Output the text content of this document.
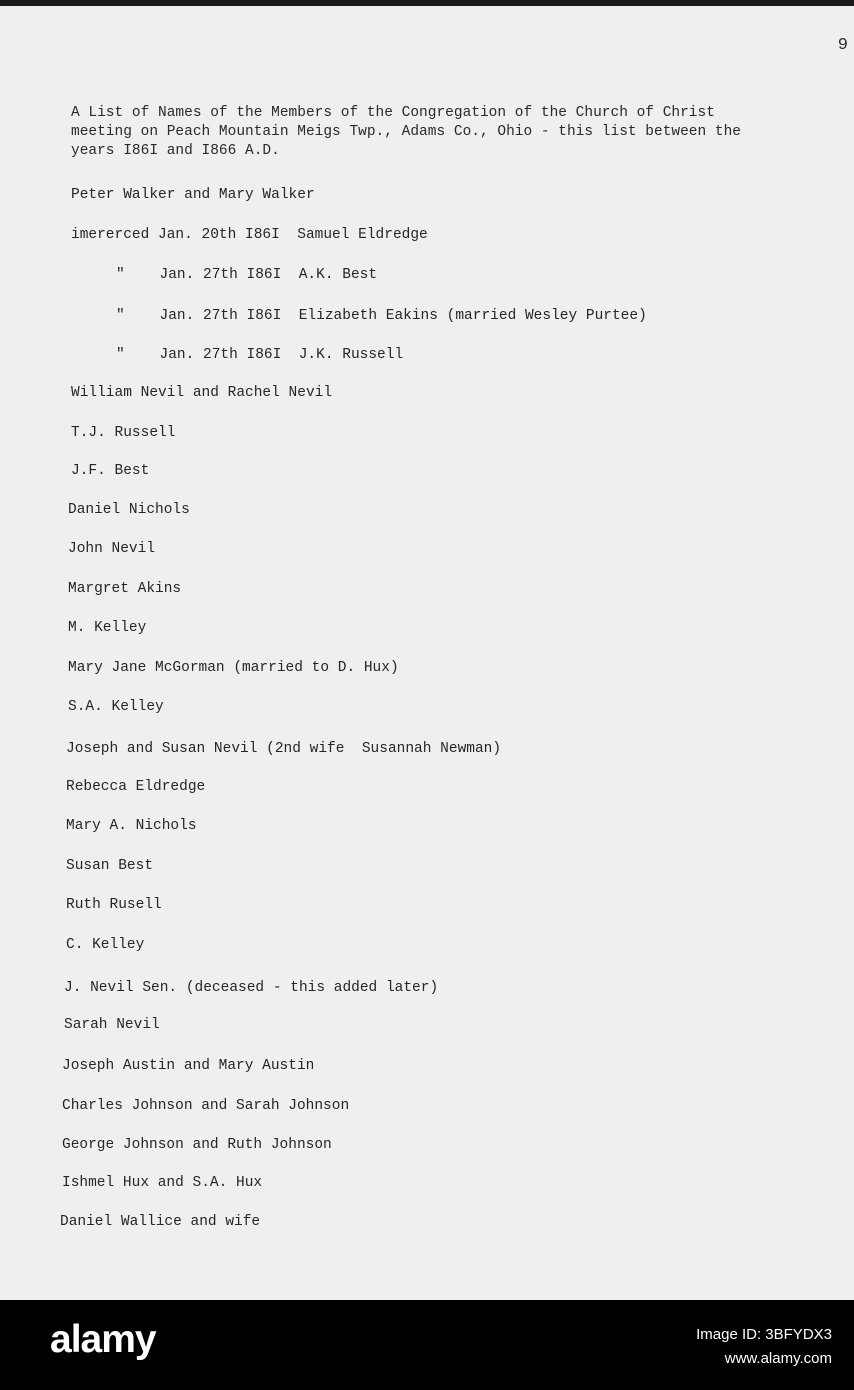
9

A List of Names of the Members of the Congregation of the Church of Christ meeting on Peach Mountain Meigs Twp., Adams Co., Ohio - this list between the years I86I and I866 A.D.

Peter Walker and Mary Walker
imererced Jan. 20th I86I  Samuel Eldredge
"    Jan. 27th I86I  A.K. Best
"    Jan. 27th I86I  Elizabeth Eakins (married Wesley Purtee)
"    Jan. 27th I86I  J.K. Russell
William Nevil and Rachel Nevil
T.J. Russell
J.F. Best
Daniel Nichols
John Nevil
Margret Akins
M. Kelley
Mary Jane McGorman (married to D. Hux)
S.A. Kelley
Joseph and Susan Nevil (2nd wife  Susannah Newman)
Rebecca Eldredge
Mary A. Nichols
Susan Best
Ruth Rusell
C. Kelley
J. Nevil Sen. (deceased - this added later)
Sarah Nevil
Joseph Austin and Mary Austin
Charles Johnson and Sarah Johnson
George Johnson and Ruth Johnson
Ishmel Hux and S.A. Hux
Daniel Wallice and wife
alamy	Image ID: 3BFYDX3
www.alamy.com
